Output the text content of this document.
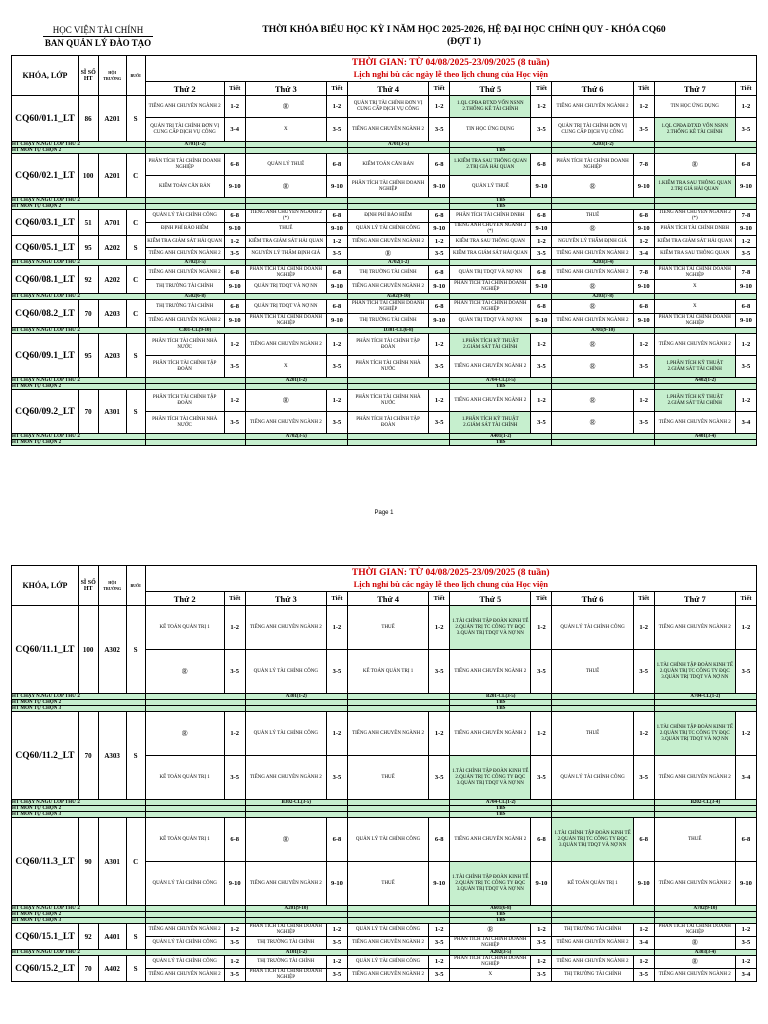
HỌC VIỆN TÀI CHÍNH
BAN QUẢN LÝ ĐÀO TẠO
THỜI KHÓA BIỂU HỌC KỲ I NĂM HỌC 2025-2026, HỆ ĐẠI HỌC CHÍNH QUY - KHÓA CQ60
(ĐỢT 1)
KHÓA, LỚP	SĨ SỐ HT	HỘI TRƯỜNG	BUỔI	THỜI GIAN: TỪ 04/08/2025-23/09/2025 (8 tuần)
Lịch nghỉ bù các ngày lễ theo lịch chung của Học viện											

				Thứ 2	Tiết	Thứ 3	Tiết	Thứ 4	Tiết	Thứ 5	Tiết	Thứ 6	Tiết	Thứ 7	Tiết
CQ60/01.1_LT	86	A201	S	TIẾNG ANH CHUYÊN NGÀNH 2	1-2	®	1-2	QUẢN TRỊ TÀI CHÍNH ĐƠN VỊ CUNG CẤP DỊCH VỤ CÔNG	1-2	1.QL CPĐA ĐTXD VỐN NSNN
2.THỐNG KÊ TÀI CHÍNH	1-2	TIẾNG ANH CHUYÊN NGÀNH 2	1-2	TIN HỌC ỨNG DỤNG	1-2
				QUẢN TRỊ TÀI CHÍNH ĐƠN VỊ CUNG CẤP DỊCH VỤ CÔNG	3-4	X	3-5	TIẾNG ANH CHUYÊN NGÀNH 2	3-5	TIN HỌC ỨNG DỤNG	3-5	QUẢN TRỊ TÀI CHÍNH ĐƠN VỊ CUNG CẤP DỊCH VỤ CÔNG	3-5	1.QL CPĐA ĐTXD VỐN NSNN
2.THỐNG KÊ TÀI CHÍNH	3-5
HT CHẠY N.NGỮ LỚP THỨ 2				A701(1-2)				A701(3-5)				A203(1-2)			
HT MÔN TỰ CHỌN 2										TBS					
CQ60/02.1_LT	100	A201	C	PHÂN TÍCH TÀI CHÍNH DOANH NGHIỆP	6-8	QUẢN LÝ THUẾ	6-8	KIỂM TOÁN CĂN BẢN	6-8	1.KIỂM TRA SAU THÔNG QUAN
2.TRỊ GIÁ HẢI QUAN	6-8	PHÂN TÍCH TÀI CHÍNH DOANH NGHIỆP	7-8	®	6-8
				KIỂM TOÁN CĂN BẢN	9-10	®	9-10	PHÂN TÍCH TÀI CHÍNH DOANH NGHIỆP	9-10	QUẢN LÝ THUẾ	9-10	®	9-10	1.KIỂM TRA SAU THÔNG QUAN
2.TRỊ GIÁ HẢI QUAN	9-10
HT CHẠY N.NGỮ LỚP THỨ 2										TBS					
HT MÔN TỰ CHỌN 2										TBS					
CQ60/03.1_LT	51	A701	C	QUẢN LÝ TÀI CHÍNH CÔNG	6-8	TIẾNG ANH CHUYÊN NGÀNH 2 (*)	6-8	ĐỊNH PHÍ BẢO HIỂM	6-8	PHÂN TÍCH TÀI CHÍNH DNBH	6-8	THUẾ	6-8	TIẾNG ANH CHUYÊN NGÀNH 2 (*)	7-8
				ĐỊNH PHÍ BẢO HIỂM	9-10	THUẾ	9-10	QUẢN LÝ TÀI CHÍNH CÔNG	9-10	TIẾNG ANH CHUYÊN NGÀNH 2 (*)	9-10	®	9-10	PHÂN TÍCH TÀI CHÍNH DNBH	9-10
CQ60/05.1_LT	95	A202	S	KIỂM TRA GIÁM SÁT HẢI QUAN	1-2	KIỂM TRA GIÁM SÁT HẢI QUAN	1-2	TIẾNG ANH CHUYÊN NGÀNH 2	1-2	KIỂM TRA SAU THÔNG QUAN	1-2	NGUYÊN LÝ THẨM ĐỊNH GIÁ	1-2	KIỂM TRA GIÁM SÁT HẢI QUAN	1-2
				TIẾNG ANH CHUYÊN NGÀNH 2	3-5	NGUYÊN LÝ THẨM ĐỊNH GIÁ	3-5	®	3-5	KIỂM TRA GIÁM SÁT HẢI QUAN	3-5	TIẾNG ANH CHUYÊN NGÀNH 2	3-4	KIỂM TRA SAU THÔNG QUAN	3-5
HT CHẠY N.NGỮ LỚP THỨ 2				A702(3-5)				A702(1-2)				A203(3-4)			
CQ60/08.1_LT	92	A202	C	TIẾNG ANH CHUYÊN NGÀNH 2	6-8	PHÂN TÍCH TÀI CHÍNH DOANH NGHIỆP	6-8	THỊ TRƯỜNG TÀI CHÍNH	6-8	QUẢN TRỊ TDQT VÀ NỢ NN	6-8	TIẾNG ANH CHUYÊN NGÀNH 2	7-8	PHÂN TÍCH TÀI CHÍNH DOANH NGHIỆP	7-8
				THỊ TRƯỜNG TÀI CHÍNH	9-10	QUẢN TRỊ TDQT VÀ NỢ NN	9-10	TIẾNG ANH CHUYÊN NGÀNH 2	9-10	PHÂN TÍCH TÀI CHÍNH DOANH NGHIỆP	9-10	®	9-10	X	9-10
HT CHẠY N.NGỮ LỚP THỨ 2				A502(6-8)				A502(9-10)				A203(7-8)			
CQ60/08.2_LT	70	A203	C	THỊ TRƯỜNG TÀI CHÍNH	6-8	QUẢN TRỊ TDQT VÀ NỢ NN	6-8	PHÂN TÍCH TÀI CHÍNH DOANH NGHIỆP	6-8	PHÂN TÍCH TÀI CHÍNH DOANH NGHIỆP	6-8	®	6-8	X	6-8
				TIẾNG ANH CHUYÊN NGÀNH 2	9-10	PHÂN TÍCH TÀI CHÍNH DOANH NGHIỆP	9-10	THỊ TRƯỜNG TÀI CHÍNH	9-10	QUẢN TRỊ TDQT VÀ NỢ NN	9-10	TIẾNG ANH CHUYÊN NGÀNH 2	9-10	PHÂN TÍCH TÀI CHÍNH DOANH NGHIỆP	9-10
HT CHẠY N.NGỮ LỚP THỨ 2				C301-CL(9-10)				D301-CL(6-8)				A701(9-10)			
CQ60/09.1_LT	95	A203	S	PHÂN TÍCH TÀI CHÍNH NHÀ NƯỚC	1-2	TIẾNG ANH CHUYÊN NGÀNH 2	1-2	PHÂN TÍCH TÀI CHÍNH TẬP ĐOÀN	1-2	1.PHÂN TÍCH KỸ THUẬT
2.GIÁM SÁT TÀI CHÍNH	1-2	®	1-2	TIẾNG ANH CHUYÊN NGÀNH 2	1-2
				PHÂN TÍCH TÀI CHÍNH TẬP ĐOÀN	3-5	X	3-5	PHÂN TÍCH TÀI CHÍNH NHÀ NƯỚC	3-5	TIẾNG ANH CHUYÊN NGÀNH 2	3-5	®	3-5	1.PHÂN TÍCH KỸ THUẬT
2.GIÁM SÁT TÀI CHÍNH	3-5
HT CHẠY N.NGỮ LỚP THỨ 2						A201(1-2)				A704-CL(3-5)				A402(1-2)	
HT MÔN TỰ CHỌN 2										TBS					
CQ60/09.2_LT	70	A301	S	PHÂN TÍCH TÀI CHÍNH TẬP ĐOÀN	1-2	®	1-2	PHÂN TÍCH TÀI CHÍNH NHÀ NƯỚC	1-2	TIẾNG ANH CHUYÊN NGÀNH 2	1-2	®	1-2	1.PHÂN TÍCH KỸ THUẬT
2.GIÁM SÁT TÀI CHÍNH	1-2
				PHÂN TÍCH TÀI CHÍNH NHÀ NƯỚC	3-5	TIẾNG ANH CHUYÊN NGÀNH 2	3-5	PHÂN TÍCH TÀI CHÍNH TẬP ĐOÀN	3-5	1.PHÂN TÍCH KỸ THUẬT
2.GIÁM SÁT TÀI CHÍNH	3-5	®	3-5	TIẾNG ANH CHUYÊN NGÀNH 2	3-4
HT CHẠY N.NGỮ LỚP THỨ 2						A702(3-5)				A401(1-2)				A401(3-4)	
HT MÔN TỰ CHỌN 2										TBS					
Page 1
KHÓA, LỚP	SĨ SỐ HT	HỘI TRƯỜNG	BUỔI	THỜI GIAN: TỪ 04/08/2025-23/09/2025 (8 tuần)
Lịch nghỉ bù các ngày lễ theo lịch chung của Học viện											

				Thứ 2	Tiết	Thứ 3	Tiết	Thứ 4	Tiết	Thứ 5	Tiết	Thứ 6	Tiết	Thứ 7	Tiết
CQ60/11.1_LT	100	A302	S	KẾ TOÁN QUẢN TRỊ 1	1-2	TIẾNG ANH CHUYÊN NGÀNH 2	1-2	THUẾ	1-2	1.TÀI CHÍNH TẬP ĐOÀN KINH TẾ
2.QUẢN TRỊ TC CÔNG TY ĐQC
3.QUẢN TRỊ TDQT VÀ NỢ NN	1-2	QUẢN LÝ TÀI CHÍNH CÔNG	1-2	TIẾNG ANH CHUYÊN NGÀNH 2	1-2
				®	3-5	QUẢN LÝ TÀI CHÍNH CÔNG	3-5	KẾ TOÁN QUẢN TRỊ 1	3-5	TIẾNG ANH CHUYÊN NGÀNH 2	3-5	THUẾ	3-5	1.TÀI CHÍNH TẬP ĐOÀN KINH TẾ
2.QUẢN TRỊ TC CÔNG TY ĐQC
3.QUẢN TRỊ TDQT VÀ NỢ NN	3-5
HT CHẠY N.NGỮ LỚP THỨ 2						A301(1-2)				B201-CL(3-5)				A704-CL(1-2)	
HT MÔN TỰ CHỌN 2										TBS					
HT MÔN TỰ CHỌN 3										TBS					
CQ60/11.2_LT	70	A303	S	®	1-2	QUẢN LÝ TÀI CHÍNH CÔNG	1-2	TIẾNG ANH CHUYÊN NGÀNH 2	1-2	TIẾNG ANH CHUYÊN NGÀNH 2	1-2	THUẾ	1-2	1.TÀI CHÍNH TẬP ĐOÀN KINH TẾ
2.QUẢN TRỊ TC CÔNG TY ĐQC
3.QUẢN TRỊ TDQT VÀ NỢ NN	1-2
				KẾ TOÁN QUẢN TRỊ 1	3-5	TIẾNG ANH CHUYÊN NGÀNH 2	3-5	THUẾ	3-5	1.TÀI CHÍNH TẬP ĐOÀN KINH TẾ
2.QUẢN TRỊ TC CÔNG TY ĐQC
3.QUẢN TRỊ TDQT VÀ NỢ NN	3-5	QUẢN LÝ TÀI CHÍNH CÔNG	3-5	TIẾNG ANH CHUYÊN NGÀNH 2	3-4
HT CHẠY N.NGỮ LỚP THỨ 2						B302-CL(3-5)				A704-CL(1-2)				B202-CL(3-4)	
HT MÔN TỰ CHỌN 2										TBS					
HT MÔN TỰ CHỌN 3										TBS					
CQ60/11.3_LT	90	A301	C	KẾ TOÁN QUẢN TRỊ 1	6-8	®	6-8	QUẢN LÝ TÀI CHÍNH CÔNG	6-8	TIẾNG ANH CHUYÊN NGÀNH 2	6-8	1.TÀI CHÍNH TẬP ĐOÀN KINH TẾ
2.QUẢN TRỊ TC CÔNG TY ĐQC
3.QUẢN TRỊ TDQT VÀ NỢ NN	6-8	THUẾ	6-8
				QUẢN LÝ TÀI CHÍNH CÔNG	9-10	TIẾNG ANH CHUYÊN NGÀNH 2	9-10	THUẾ	9-10	1.TÀI CHÍNH TẬP ĐOÀN KINH TẾ
2.QUẢN TRỊ TC CÔNG TY ĐQC
3.QUẢN TRỊ TDQT VÀ NỢ NN	9-10	KẾ TOÁN QUẢN TRỊ 1	9-10	TIẾNG ANH CHUYÊN NGÀNH 2	9-10
HT CHẠY N.NGỮ LỚP THỨ 2						A201(9-10)				A601(6-8)				A702(9-10)	
HT MÔN TỰ CHỌN 2										TBS					
HT MÔN TỰ CHỌN 3										TBS					
CQ60/15.1_LT	92	A401	S	TIẾNG ANH CHUYÊN NGÀNH 2	1-2	PHÂN TÍCH TÀI CHÍNH DOANH NGHIỆP	1-2	QUẢN LÝ TÀI CHÍNH CÔNG	1-2	®	1-2	THỊ TRƯỜNG TÀI CHÍNH	1-2	PHÂN TÍCH TÀI CHÍNH DOANH NGHIỆP	1-2
				QUẢN LÝ TÀI CHÍNH CÔNG	3-5	THỊ TRƯỜNG TÀI CHÍNH	3-5	TIẾNG ANH CHUYÊN NGÀNH 2	3-5	PHÂN TÍCH TÀI CHÍNH DOANH NGHIỆP	3-5	TIẾNG ANH CHUYÊN NGÀNH 2	3-4	®	3-5
HT CHẠY N.NGỮ LỚP THỨ 2						A101(1-2)				A202(3-5)				A303(3-4)	
CQ60/15.2_LT	70	A402	S	QUẢN LÝ TÀI CHÍNH CÔNG	1-2	THỊ TRƯỜNG TÀI CHÍNH	1-2	QUẢN LÝ TÀI CHÍNH CÔNG	1-2	PHÂN TÍCH TÀI CHÍNH DOANH NGHIỆP	1-2	TIẾNG ANH CHUYÊN NGÀNH 2	1-2	®	1-2
				TIẾNG ANH CHUYÊN NGÀNH 2	3-5	PHÂN TÍCH TÀI CHÍNH DOANH NGHIỆP	3-5	TIẾNG ANH CHUYÊN NGÀNH 2	3-5	X	3-5	THỊ TRƯỜNG TÀI CHÍNH	3-5	TIẾNG ANH CHUYÊN NGÀNH 2	3-4
